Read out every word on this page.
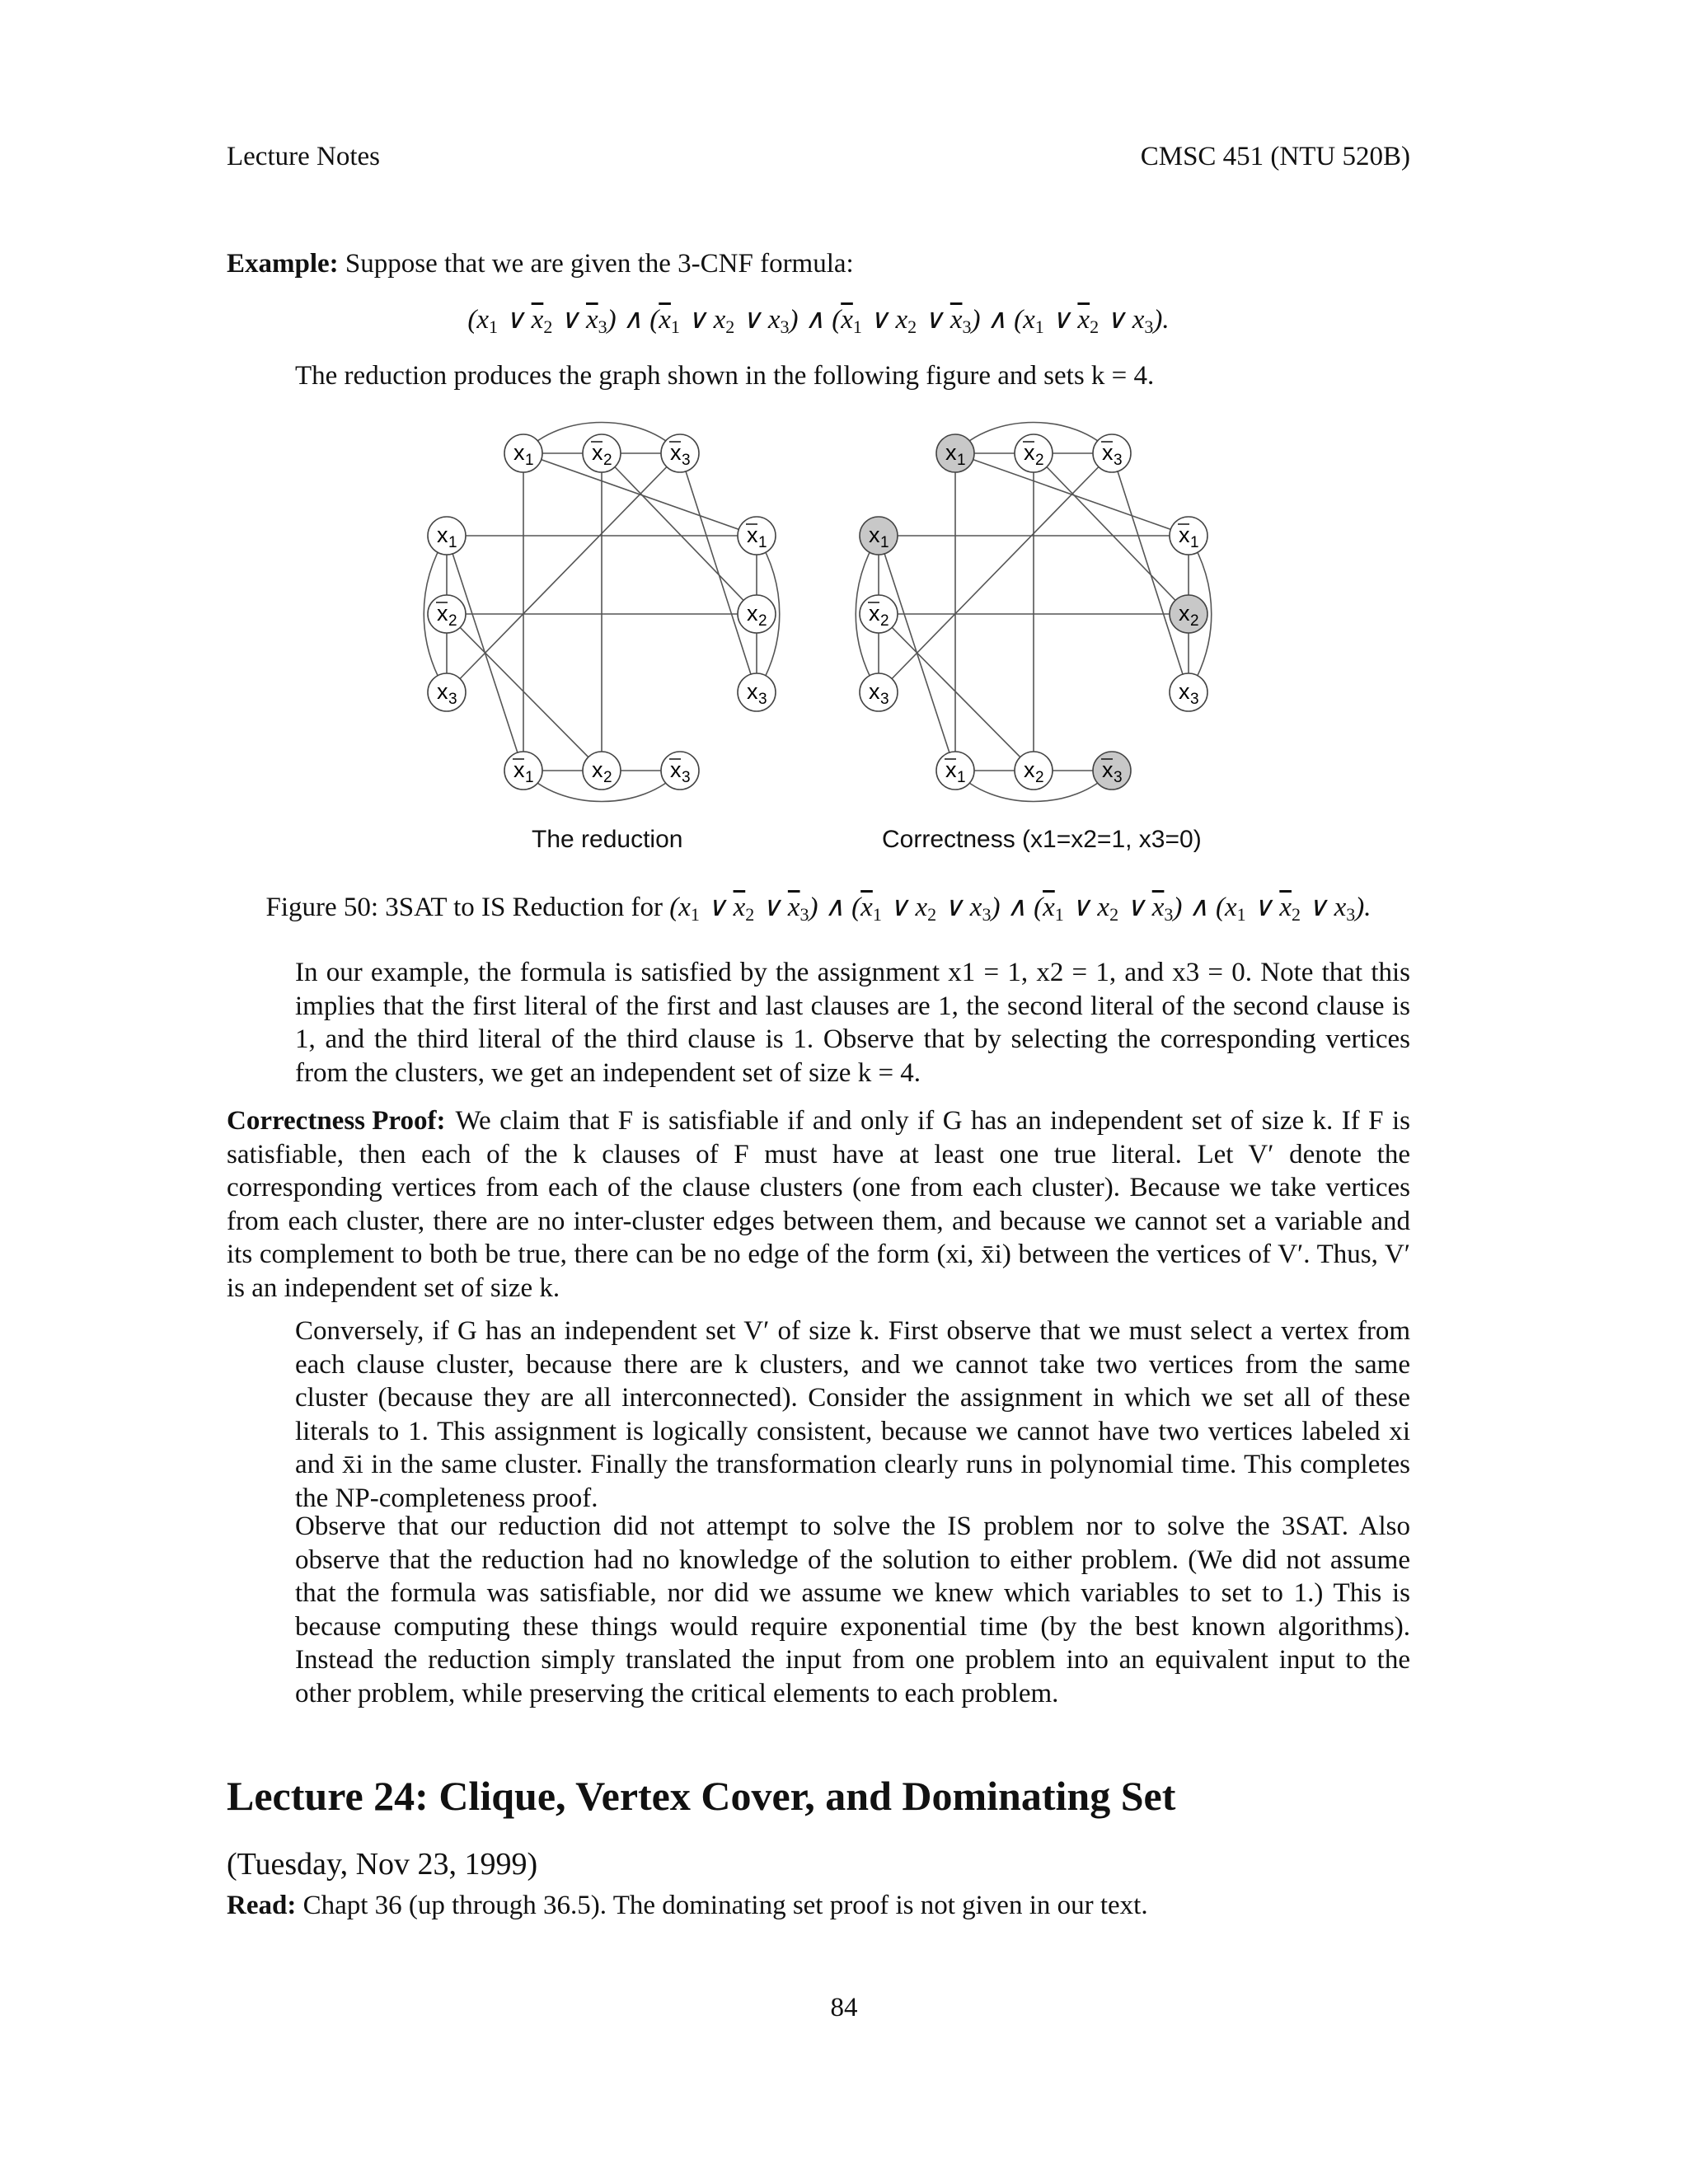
Lecture Notes	CMSC 451 (NTU 520B)
Example: Suppose that we are given the 3-CNF formula:
($x_1$ ∨ $\overline{x}_2$ ∨ $\overline{x}_3$) ∧ ($\overline{x}_1$ ∨ $x_2$ ∨ $x_3$) ∧ ($\overline{x}_1$ ∨ $x_2$ ∨ $\overline{x}_3$) ∧ ($x_1$ ∨ $\overline{x}_2$ ∨ $x_3$).
The reduction produces the graph shown in the following figure and sets k = 4.
x 1	x 2	x 3
x 1
x 2
x 3
x 1
x 2
x 3
x 1	x 2	x 3
x 1	x 2	x 3
x 1
x 2
x 3
x 1
x 2
x 3
x 1	x 2	x 3
The reduction	Correctness (x1=x2=1, x3=0)
Figure 50: 3SAT to IS Reduction for ($x_1$ ∨ $\overline{x}_2$ ∨ $\overline{x}_3$) ∧ ($\overline{x}_1$ ∨ $x_2$ ∨ $x_3$) ∧ ($\overline{x}_1$ ∨ $x_2$ ∨ $\overline{x}_3$) ∧ ($x_1$ ∨ $\overline{x}_2$ ∨ $x_3$).
In our example, the formula is satisfied by the assignment x1 = 1, x2 = 1, and x3 = 0. Note that this implies that the first literal of the first and last clauses are 1, the second literal of the second clause is 1, and the third literal of the third clause is 1. Observe that by selecting the corresponding vertices from the clusters, we get an independent set of size k = 4.
Correctness Proof: We claim that F is satisfiable if and only if G has an independent set of size k. If F is satisfiable, then each of the k clauses of F must have at least one true literal. Let V′ denote the corresponding vertices from each of the clause clusters (one from each cluster). Because we take vertices from each cluster, there are no inter-cluster edges between them, and because we cannot set a variable and its complement to both be true, there can be no edge of the form (xi, x̄i) between the vertices of V′. Thus, V′ is an independent set of size k.
Conversely, if G has an independent set V′ of size k. First observe that we must select a vertex from each clause cluster, because there are k clusters, and we cannot take two vertices from the same cluster (because they are all interconnected). Consider the assignment in which we set all of these literals to 1. This assignment is logically consistent, because we cannot have two vertices labeled xi and x̄i in the same cluster. Finally the transformation clearly runs in polynomial time. This completes the NP-completeness proof.
Observe that our reduction did not attempt to solve the IS problem nor to solve the 3SAT. Also observe that the reduction had no knowledge of the solution to either problem. (We did not assume that the formula was satisfiable, nor did we assume we knew which variables to set to 1.) This is because computing these things would require exponential time (by the best known algorithms). Instead the reduction simply translated the input from one problem into an equivalent input to the other problem, while preserving the critical elements to each problem.
Lecture 24: Clique, Vertex Cover, and Dominating Set
(Tuesday, Nov 23, 1999)
Read: Chapt 36 (up through 36.5). The dominating set proof is not given in our text.
84
